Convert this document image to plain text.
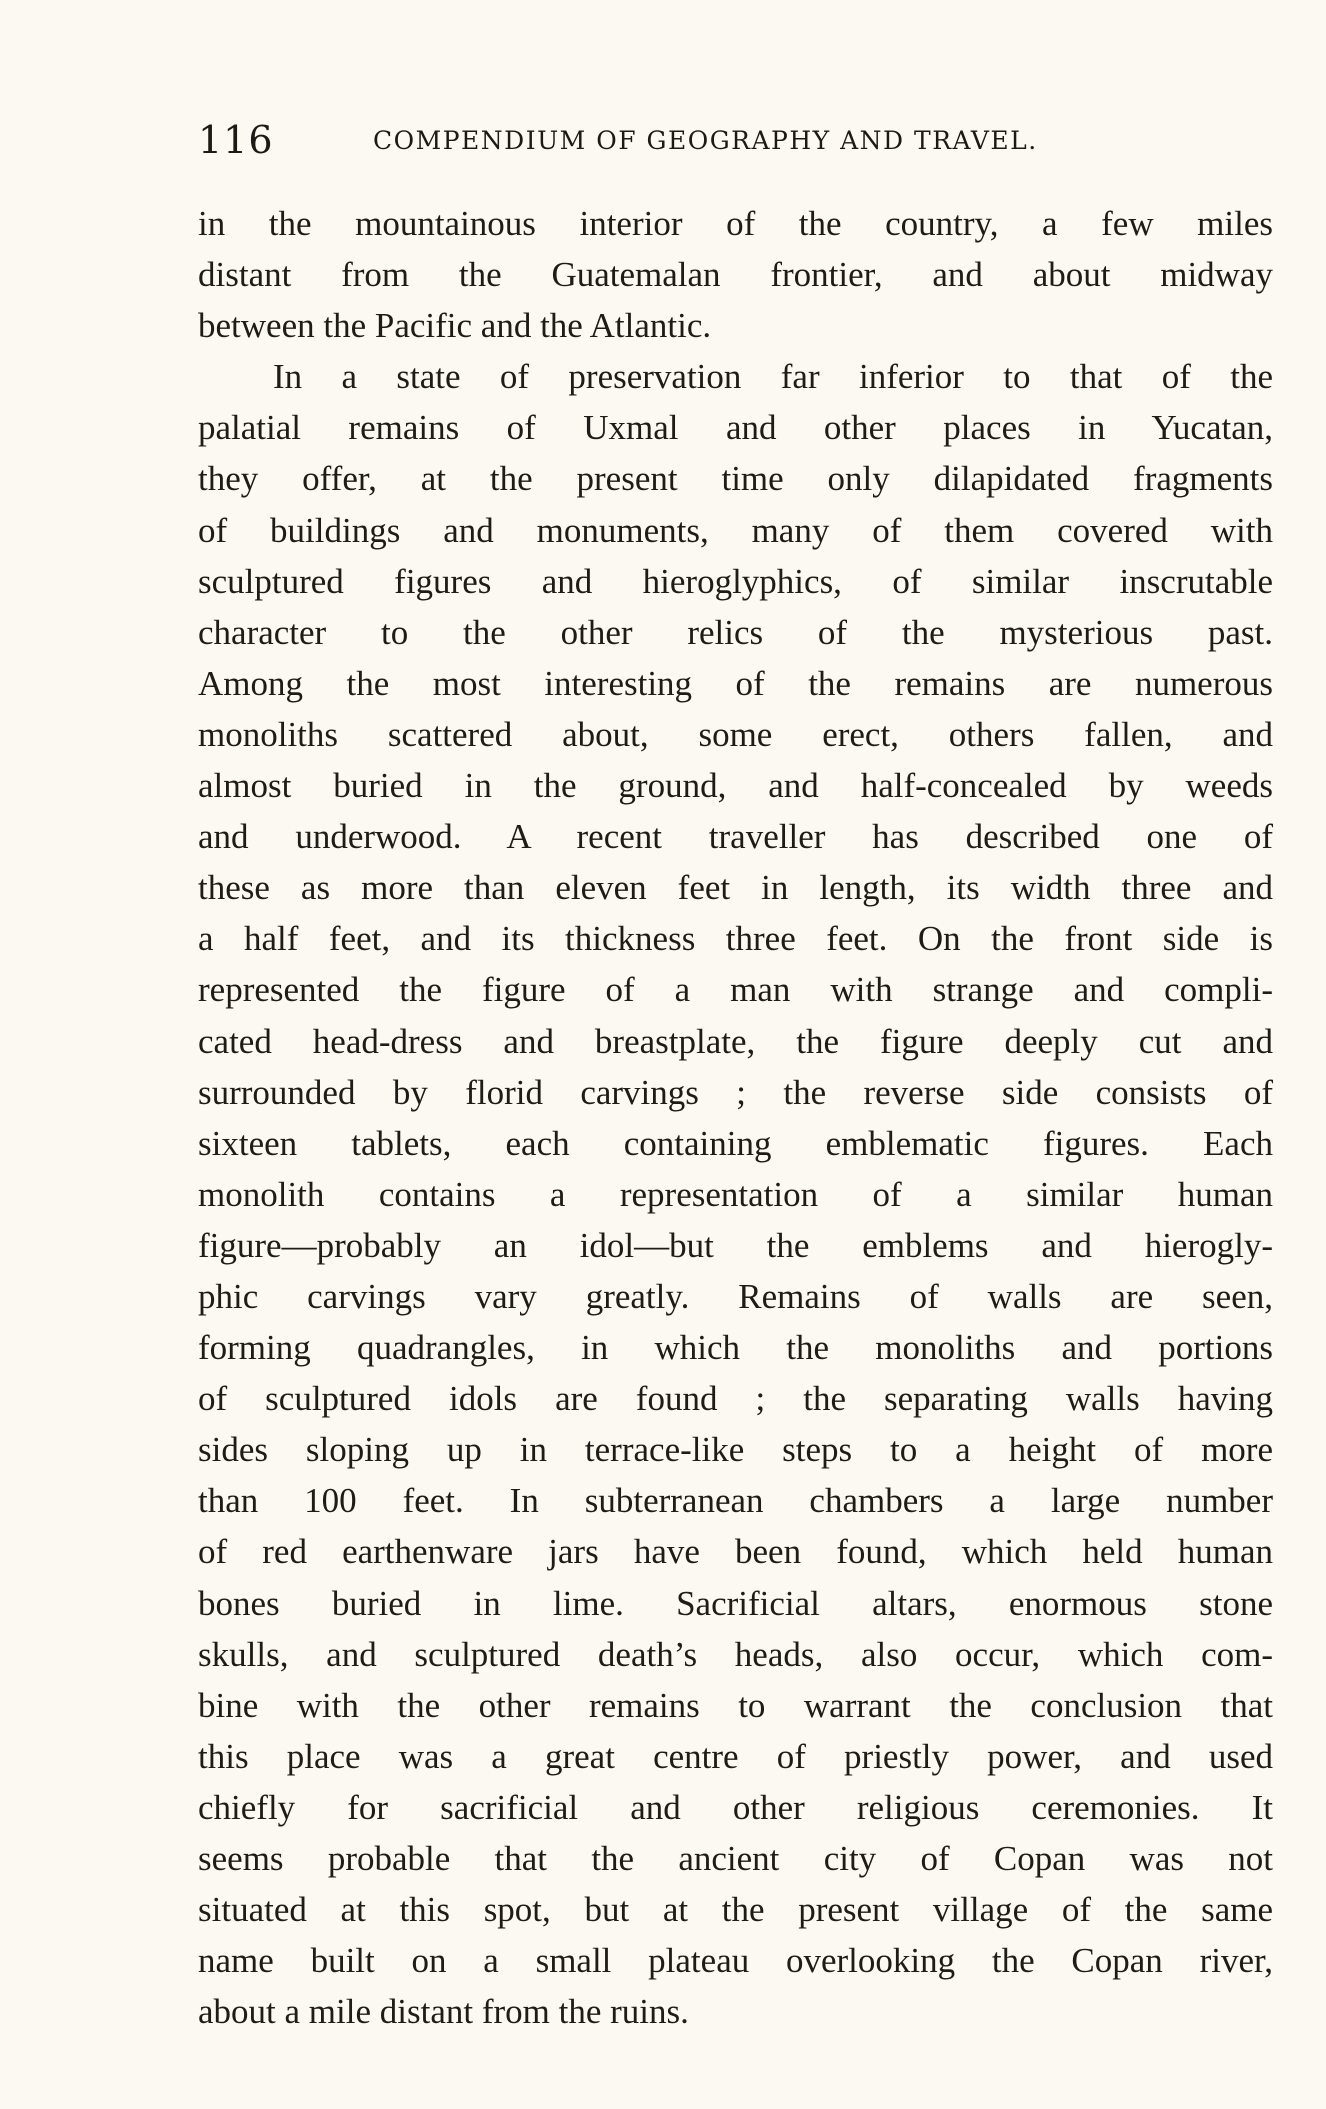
116	COMPENDIUM OF GEOGRAPHY AND TRAVEL.
in the mountainous interior of the country, a few miles
distant from the Guatemalan frontier, and about midway
between the Pacific and the Atlantic.
In a state of preservation far inferior to that of the
palatial remains of Uxmal and other places in Yucatan,
they offer, at the present time only dilapidated fragments
of buildings and monuments, many of them covered with
sculptured figures and hieroglyphics, of similar inscrutable
character to the other relics of the mysterious past.
Among the most interesting of the remains are numerous
monoliths scattered about, some erect, others fallen, and
almost buried in the ground, and half-concealed by weeds
and underwood. A recent traveller has described one of
these as more than eleven feet in length, its width three and
a half feet, and its thickness three feet. On the front side is
represented the figure of a man with strange and compli-
cated head-dress and breastplate, the figure deeply cut and
surrounded by florid carvings ; the reverse side consists of
sixteen tablets, each containing emblematic figures. Each
monolith contains a representation of a similar human
figure—probably an idol—but the emblems and hierogly-
phic carvings vary greatly. Remains of walls are seen,
forming quadrangles, in which the monoliths and portions
of sculptured idols are found ; the separating walls having
sides sloping up in terrace-like steps to a height of more
than 100 feet. In subterranean chambers a large number
of red earthenware jars have been found, which held human
bones buried in lime. Sacrificial altars, enormous stone
skulls, and sculptured death’s heads, also occur, which com-
bine with the other remains to warrant the conclusion that
this place was a great centre of priestly power, and used
chiefly for sacrificial and other religious ceremonies. It
seems probable that the ancient city of Copan was not
situated at this spot, but at the present village of the same
name built on a small plateau overlooking the Copan river,
about a mile distant from the ruins.
